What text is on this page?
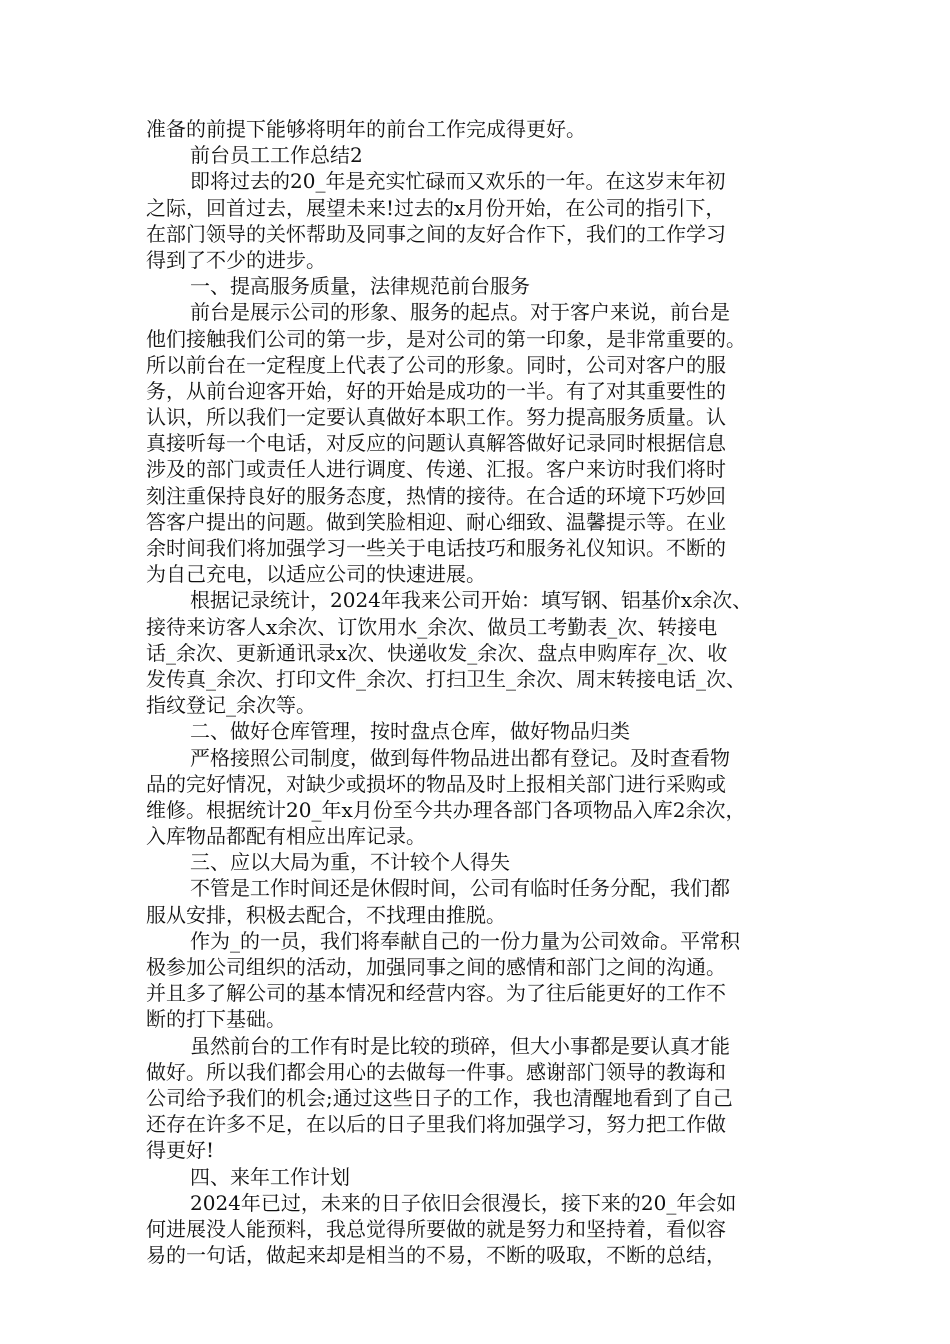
准备的前提下能够将明年的前台工作完成得更好。
前台员工工作总结2
即将过去的20_年是充实忙碌而又欢乐的一年。在这岁末年初
之际，回首过去，展望未来!过去的x月份开始，在公司的指引下，
在部门领导的关怀帮助及同事之间的友好合作下，我们的工作学习
得到了不少的进步。
一、提高服务质量，法律规范前台服务
前台是展示公司的形象、服务的起点。对于客户来说，前台是
他们接触我们公司的第一步，是对公司的第一印象，是非常重要的。
所以前台在一定程度上代表了公司的形象。同时，公司对客户的服
务，从前台迎客开始，好的开始是成功的一半。有了对其重要性的
认识，所以我们一定要认真做好本职工作。努力提高服务质量。认
真接听每一个电话，对反应的问题认真解答做好记录同时根据信息
涉及的部门或责任人进行调度、传递、汇报。客户来访时我们将时
刻注重保持良好的服务态度，热情的接待。在合适的环境下巧妙回
答客户提出的问题。做到笑脸相迎、耐心细致、温馨提示等。在业
余时间我们将加强学习一些关于电话技巧和服务礼仪知识。不断的
为自己充电，以适应公司的快速进展。
根据记录统计，2024年我来公司开始：填写钢、铝基价x余次、
接待来访客人x余次、订饮用水_余次、做员工考勤表_次、转接电
话_余次、更新通讯录x次、快递收发_余次、盘点申购库存_次、收
发传真_余次、打印文件_余次、打扫卫生_余次、周末转接电话_次、
指纹登记_余次等。
二、做好仓库管理，按时盘点仓库，做好物品归类
严格接照公司制度，做到每件物品进出都有登记。及时查看物
品的完好情况，对缺少或损坏的物品及时上报相关部门进行采购或
维修。根据统计20_年x月份至今共办理各部门各项物品入库2余次，
入库物品都配有相应出库记录。
三、应以大局为重，不计较个人得失
不管是工作时间还是休假时间，公司有临时任务分配，我们都
服从安排，积极去配合，不找理由推脱。
作为_的一员，我们将奉献自己的一份力量为公司效命。平常积
极参加公司组织的活动，加强同事之间的感情和部门之间的沟通。
并且多了解公司的基本情况和经营内容。为了往后能更好的工作不
断的打下基础。
虽然前台的工作有时是比较的琐碎，但大小事都是要认真才能
做好。所以我们都会用心的去做每一件事。感谢部门领导的教诲和
公司给予我们的机会;通过这些日子的工作，我也清醒地看到了自己
还存在许多不足，在以后的日子里我们将加强学习，努力把工作做
得更好!
四、来年工作计划
2024年已过，未来的日子依旧会很漫长，接下来的20_年会如
何进展没人能预料，我总觉得所要做的就是努力和坚持着，看似容
易的一句话，做起来却是相当的不易，不断的吸取，不断的总结，
